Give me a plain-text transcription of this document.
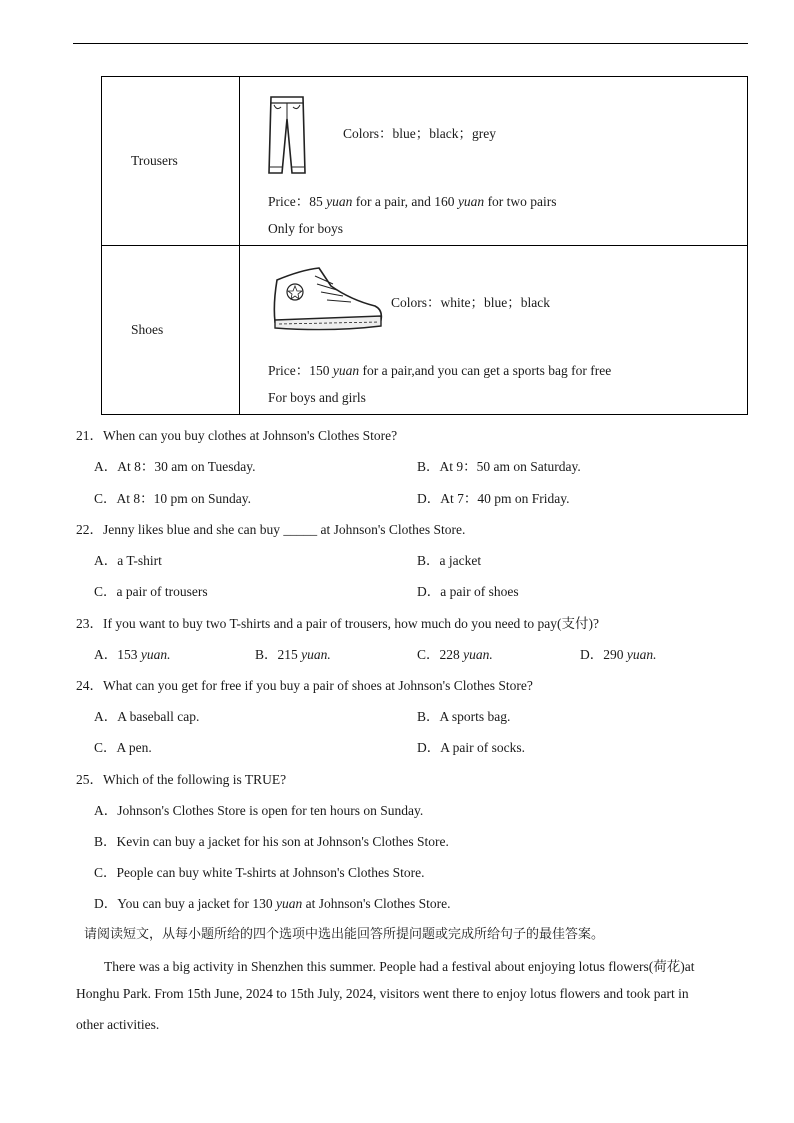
Trousers	Colors：blue；black；grey
Price：85 yuan for a pair, and 160 yuan for two pairs
Only for boys

Shoes	Colors：white；blue；black
Price：150 yuan for a pair,and you can get a sports bag for free
For boys and girls
21．When can you buy clothes at Johnson's Clothes Store?
A．At 8：30 am on Tuesday.	B．At 9：50 am on Saturday.
C．At 8：10 pm on Sunday.	D．At 7：40 pm on Friday.
22．Jenny likes blue and she can buy _____ at Johnson's Clothes Store.
A．a T-shirt	B．a jacket
C．a pair of trousers	D．a pair of shoes
23．If you want to buy two T-shirts and a pair of trousers, how much do you need to pay(支付)?
A．153 yuan.	B．215 yuan.	C．228 yuan.	D．290 yuan.
24．What can you get for free if you buy a pair of shoes at Johnson's Clothes Store?
A．A baseball cap.	B．A sports bag.
C．A pen.	D．A pair of socks.
25．Which of the following is TRUE?
A．Johnson's Clothes Store is open for ten hours on Sunday.
B．Kevin can buy a jacket for his son at Johnson's Clothes Store.
C．People can buy white T-shirts at Johnson's Clothes Store.
D．You can buy a jacket for 130 yuan at Johnson's Clothes Store.
请阅读短文，从每小题所给的四个选项中选出能回答所提问题或完成所给句子的最佳答案。
There was a big activity in Shenzhen this summer. People had a festival about enjoying lotus flowers(荷花)at
Honghu Park. From 15th June, 2024 to 15th July, 2024, visitors went there to enjoy lotus flowers and took part in
other activities.
